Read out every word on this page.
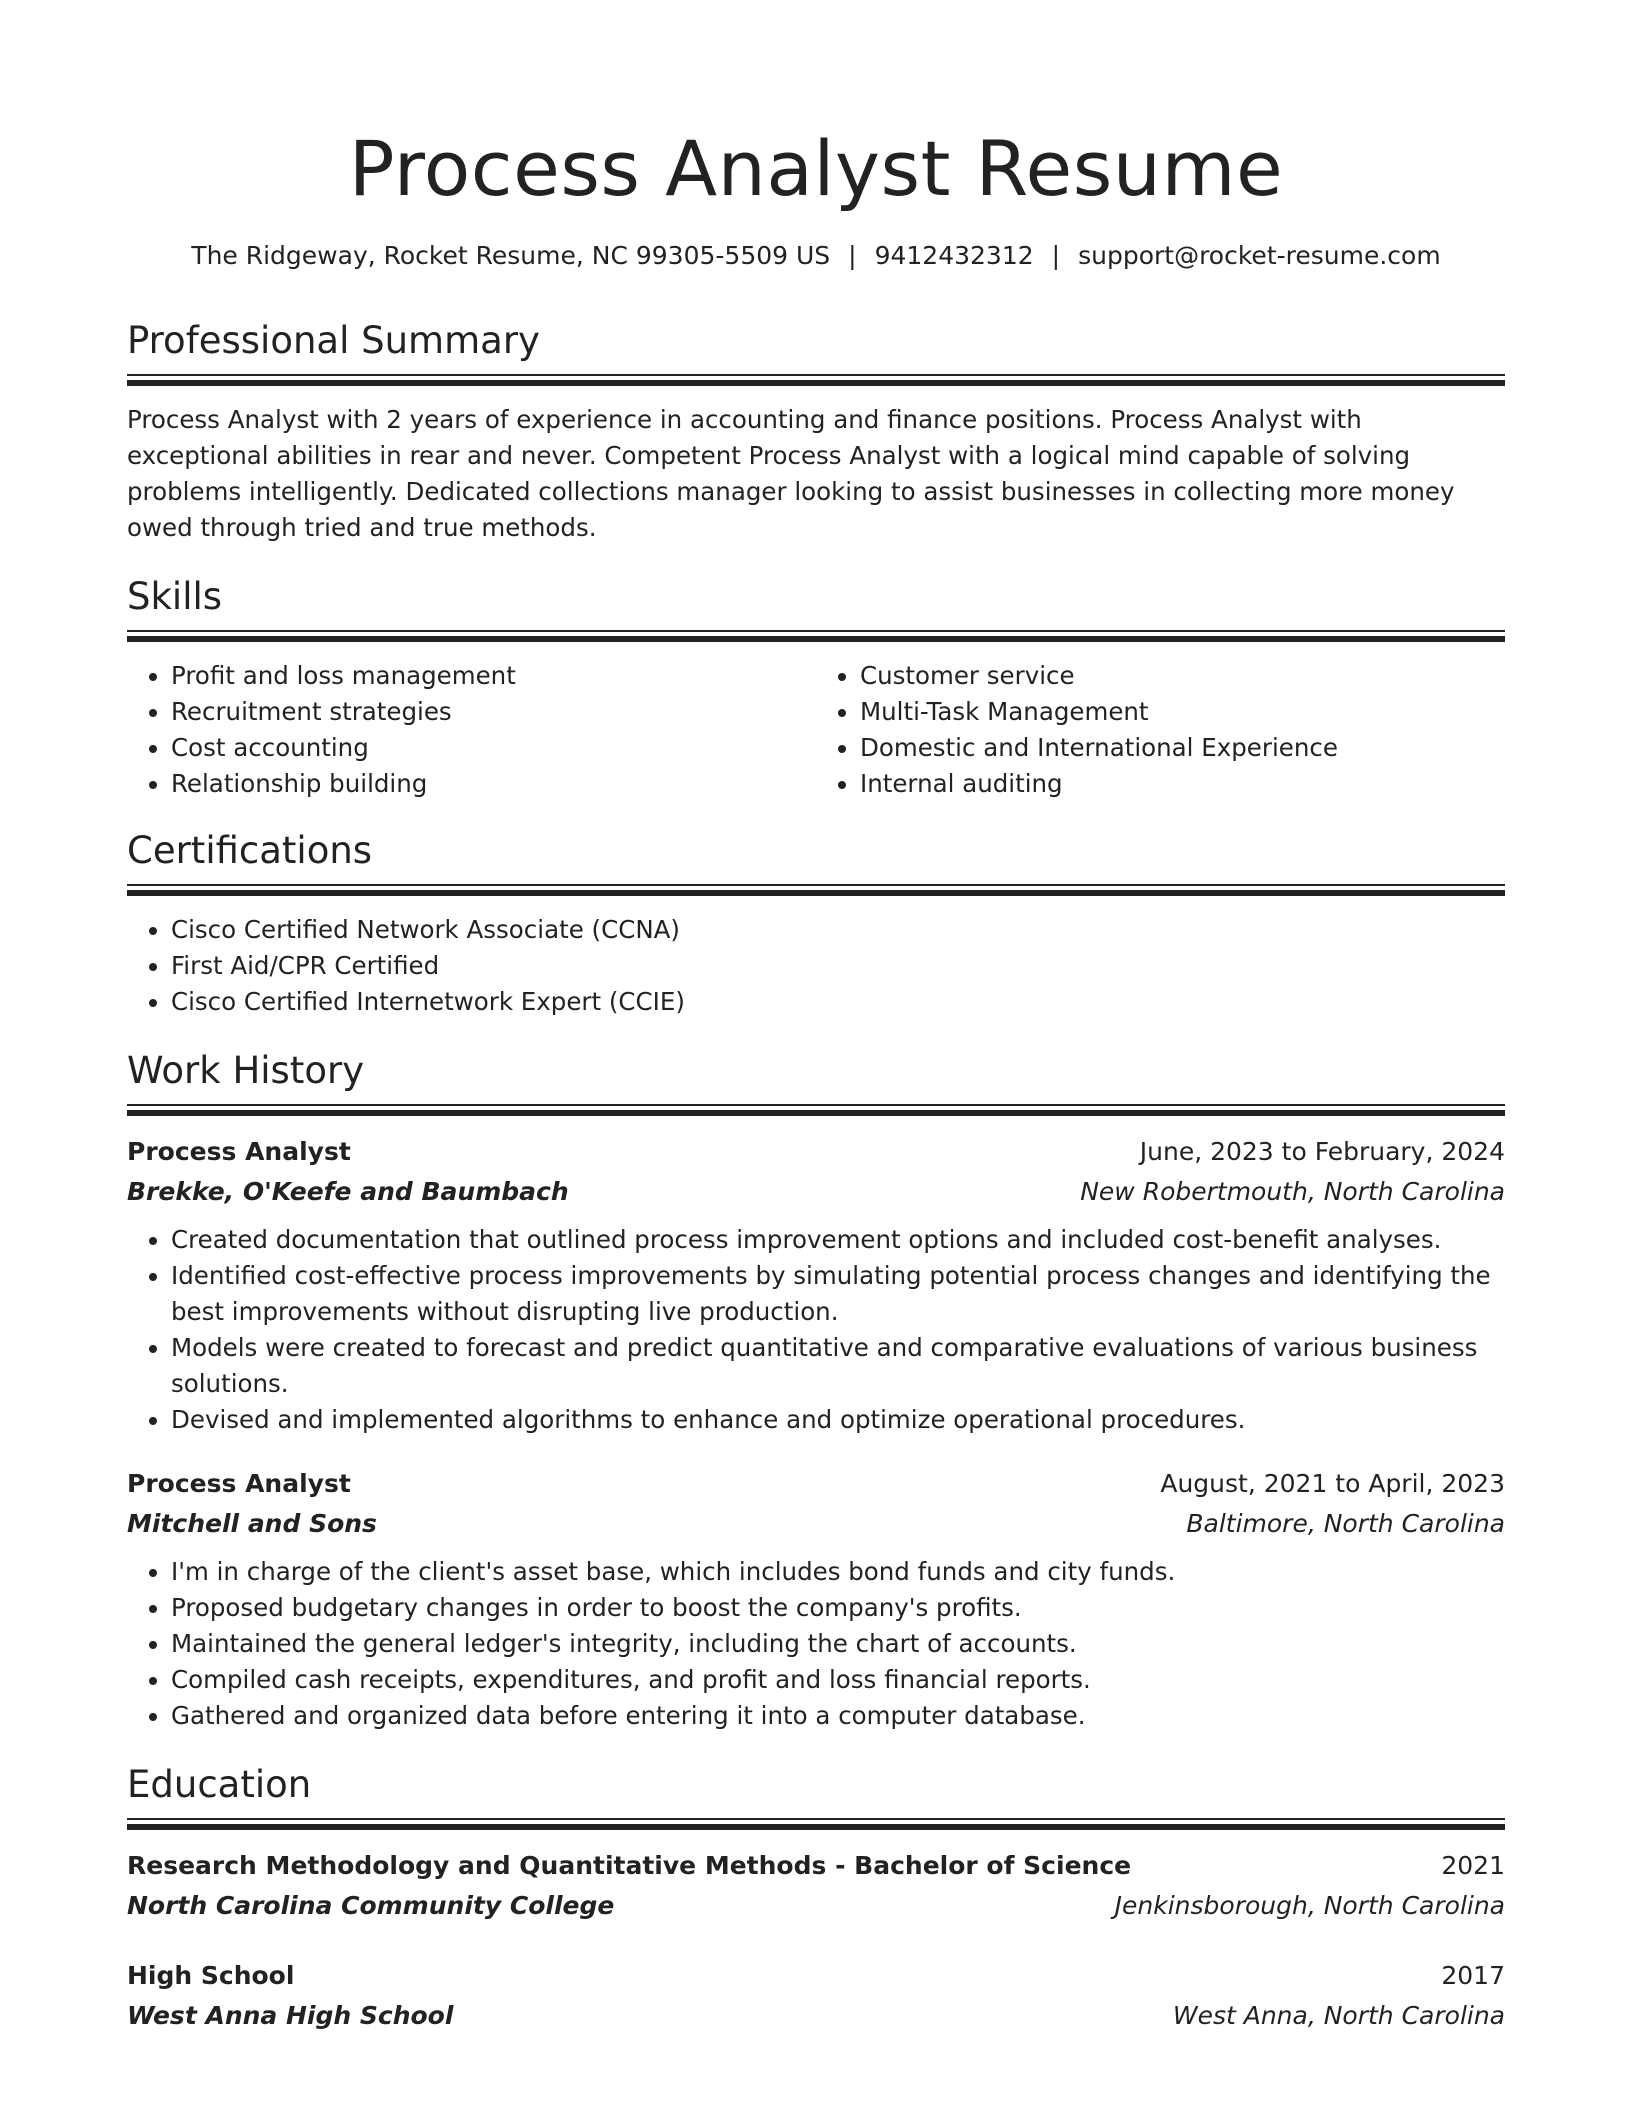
Process Analyst Resume
The Ridgeway, Rocket Resume, NC 99305-5509 US | 9412432312 | support@rocket-resume.com
Professional Summary
Process Analyst with 2 years of experience in accounting and finance positions. Process Analyst with exceptional abilities in rear and never. Competent Process Analyst with a logical mind capable of solving problems intelligently. Dedicated collections manager looking to assist businesses in collecting more money owed through tried and true methods.
Skills
• Profit and loss management
• Recruitment strategies
• Cost accounting
• Relationship building
• Customer service
• Multi-Task Management
• Domestic and International Experience
• Internal auditing
Certifications
• Cisco Certified Network Associate (CCNA)
• First Aid/CPR Certified
• Cisco Certified Internetwork Expert (CCIE)
Work History
Process Analyst	June, 2023 to February, 2024
Brekke, O'Keefe and Baumbach	New Robertmouth, North Carolina
• Created documentation that outlined process improvement options and included cost-benefit analyses.
• Identified cost-effective process improvements by simulating potential process changes and identifying the best improvements without disrupting live production.
• Models were created to forecast and predict quantitative and comparative evaluations of various business solutions.
• Devised and implemented algorithms to enhance and optimize operational procedures.
Process Analyst	August, 2021 to April, 2023
Mitchell and Sons	Baltimore, North Carolina
• I'm in charge of the client's asset base, which includes bond funds and city funds.
• Proposed budgetary changes in order to boost the company's profits.
• Maintained the general ledger's integrity, including the chart of accounts.
• Compiled cash receipts, expenditures, and profit and loss financial reports.
• Gathered and organized data before entering it into a computer database.
Education
Research Methodology and Quantitative Methods - Bachelor of Science	2021
North Carolina Community College	Jenkinsborough, North Carolina
High School	2017
West Anna High School	West Anna, North Carolina
